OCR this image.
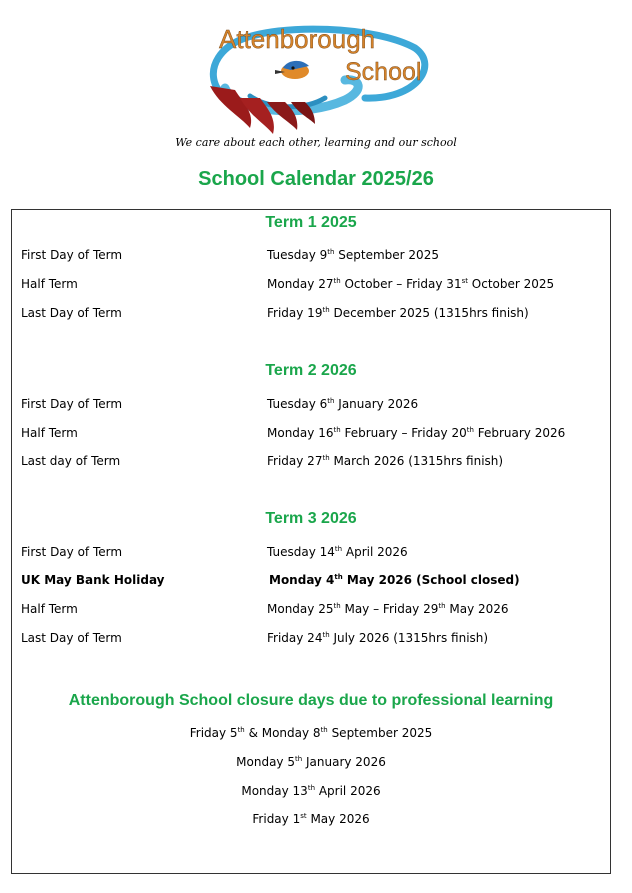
Attenborough
School
We care about each other, learning and our school
School Calendar 2025/26
Term 1 2025
First Day of Term	Tuesday 9th September 2025
Half Term	Monday 27th October – Friday 31st October 2025
Last Day of Term	Friday 19th December 2025 (1315hrs finish)
Term 2 2026
First Day of Term	Tuesday 6th January 2026
Half Term	Monday 16th February – Friday 20th February 2026
Last day of Term	Friday 27th March 2026 (1315hrs finish)
Term 3 2026
First Day of Term	Tuesday 14th April 2026
UK May Bank Holiday	Monday 4th May 2026 (School closed)
Half Term	Monday 25th May – Friday 29th May 2026
Last Day of Term	Friday 24th July 2026 (1315hrs finish)
Attenborough School closure days due to professional learning
Friday 5th & Monday 8th September 2025
Monday 5th January 2026
Monday 13th April 2026
Friday 1st May 2026
